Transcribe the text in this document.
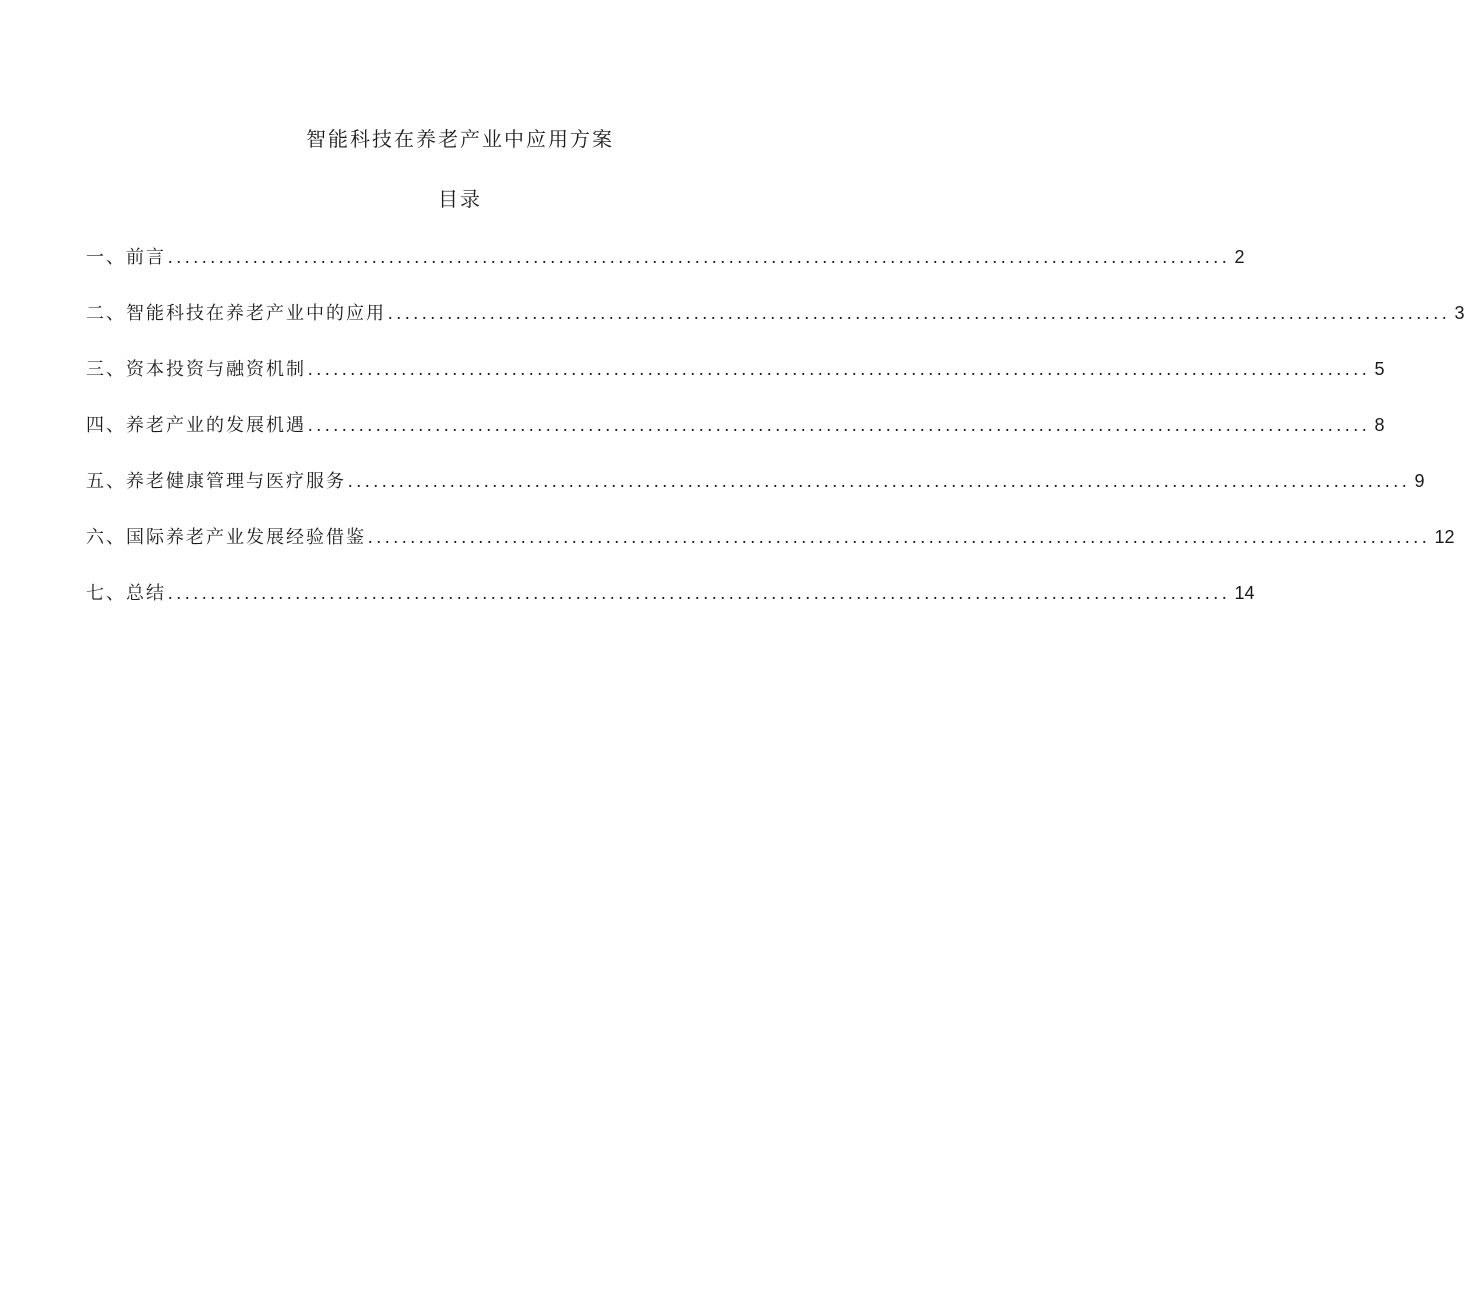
智能科技在养老产业中应用方案
目录
一、前言 ............................................................................................................................. 2
二、智能科技在养老产业中的应用 ............................................................................................................................. 3
三、资本投资与融资机制 ............................................................................................................................. 5
四、养老产业的发展机遇 ............................................................................................................................. 8
五、养老健康管理与医疗服务 ............................................................................................................................. 9
六、国际养老产业发展经验借鉴 ............................................................................................................................. 12
七、总结 ............................................................................................................................. 14
